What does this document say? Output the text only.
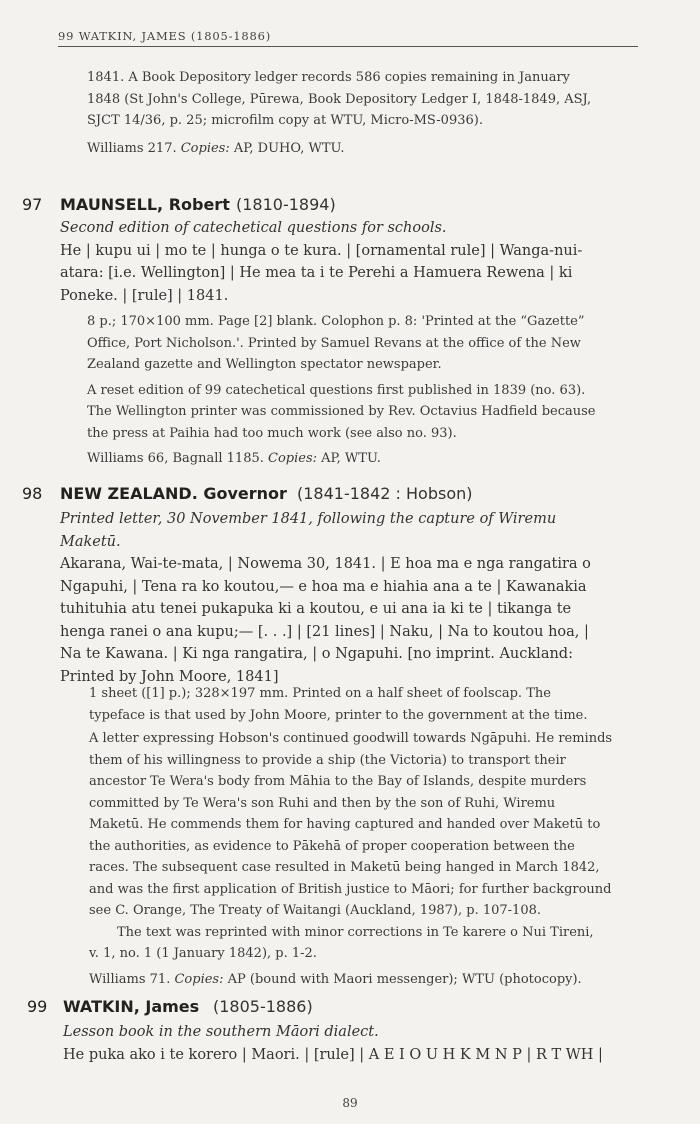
99 WATKIN, JAMES (1805-1886)

1841. A Book Depository ledger records 586 copies remaining in January

1848 (St John's College, Pūrewa, Book Depository Ledger I, 1848-1849, ASJ,

SJCT 14/36, p. 25; microfilm copy at WTU, Micro-MS-0936).

Williams 217. Copies: AP, DUHO, WTU.

97 MAUNSELL, Robert (1810-1894)

Second edition of catechetical questions for schools.

He | kupu ui | mo te | hunga o te kura. | [ornamental rule] | Wanga-nui-

atara: [i.e. Wellington] | He mea ta i te Perehi a Hamuera Rewena | ki

Poneke. | [rule] | 1841.

8 p.; 170×100 mm. Page [2] blank. Colophon p. 8: 'Printed at the “Gazette”

Office, Port Nicholson.'. Printed by Samuel Revans at the office of the New

Zealand gazette and Wellington spectator newspaper.

A reset edition of 99 catechetical questions first published in 1839 (no. 63).

The Wellington printer was commissioned by Rev. Octavius Hadfield because

the press at Paihia had too much work (see also no. 93).

Williams 66, Bagnall 1185. Copies: AP, WTU.

98 NEW ZEALAND. Governor (1841-1842 : Hobson)

Printed letter, 30 November 1841, following the capture of Wiremu

Maketū.

Akarana, Wai-te-mata, | Nowema 30, 1841. | E hoa ma e nga rangatira o

Ngapuhi, | Tena ra ko koutou,— e hoa ma e hiahia ana a te | Kawanakia

tuhituhia atu tenei pukapuka ki a koutou, e ui ana ia ki te | tikanga te

henga ranei o ana kupu;— [. . .] | [21 lines] | Naku, | Na to koutou hoa, |

Na te Kawana. | Ki nga rangatira, | o Ngapuhi. [no imprint. Auckland:

Printed by John Moore, 1841]

1 sheet ([1] p.); 328×197 mm. Printed on a half sheet of foolscap. The

typeface is that used by John Moore, printer to the government at the time.

A letter expressing Hobson's continued goodwill towards Ngāpuhi. He reminds

them of his willingness to provide a ship (the Victoria) to transport their

ancestor Te Wera's body from Māhia to the Bay of Islands, despite murders

committed by Te Wera's son Ruhi and then by the son of Ruhi, Wiremu

Maketū. He commends them for having captured and handed over Maketū to

the authorities, as evidence to Pākehā of proper cooperation between the

races. The subsequent case resulted in Maketū being hanged in March 1842,

and was the first application of British justice to Māori; for further background

see C. Orange, The Treaty of Waitangi (Auckland, 1987), p. 107-108.

The text was reprinted with minor corrections in Te karere o Nui Tireni,

v. 1, no. 1 (1 January 1842), p. 1-2.

Williams 71. Copies: AP (bound with Maori messenger); WTU (photocopy).

99 WATKIN, James (1805-1886)

Lesson book in the southern Māori dialect.

He puka ako i te korero | Maori. | [rule] | A E I O U H K M N P | R T WH |

89
